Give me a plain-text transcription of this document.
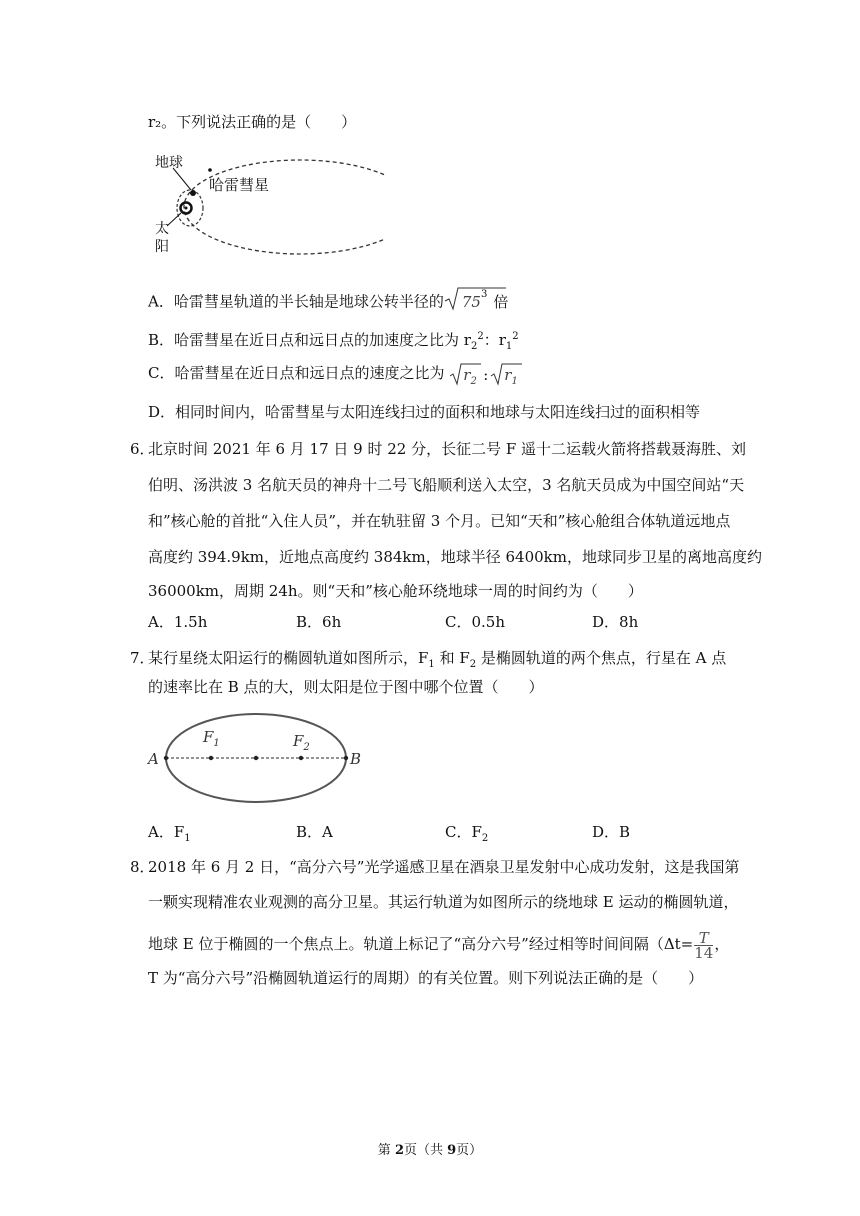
r₂。下列说法正确的是（　　）
地球
哈雷彗星
太
阳
A．哈雷彗星轨道的半长轴是地球公转半径的 $75^3$ 倍
B．哈雷彗星在近日点和远日点的加速度之比为 $r_2^2$：$r_1^2$
C．哈雷彗星在近日点和远日点的速度之比为 $r_2$ : $r_1$
D．相同时间内，哈雷彗星与太阳连线扫过的面积和地球与太阳连线扫过的面积相等
6．北京时间 2021 年 6 月 17 日 9 时 22 分，长征二号 F 遥十二运载火箭将搭载聂海胜、刘
伯明、汤洪波 3 名航天员的神舟十二号飞船顺利送入太空，3 名航天员成为中国空间站“天
和”核心舱的首批“入住人员”，并在轨驻留 3 个月。已知“天和”核心舱组合体轨道远地点
高度约 394.9km，近地点高度约 384km，地球半径 6400km，地球同步卫星的离地高度约
36000km，周期 24h。则“天和”核心舱环绕地球一周的时间约为（　　）
A．1.5h	B．6h	C．0.5h	D．8h
7．某行星绕太阳运行的椭圆轨道如图所示，$F_1$ 和 $F_2$ 是椭圆轨道的两个焦点，行星在 A 点
的速率比在 B 点的大，则太阳是位于图中哪个位置（　　）
A	B
$F_1$	$F_2$
A．$F_1$	B．A	C．$F_2$	D．B
8．2018 年 6 月 2 日，“高分六号”光学遥感卫星在酒泉卫星发射中心成功发射，这是我国第
一颗实现精准农业观测的高分卫星。其运行轨道为如图所示的绕地球 E 运动的椭圆轨道，
地球 E 位于椭圆的一个焦点上。轨道上标记了“高分六号”经过相等时间间隔（$\Delta t= \frac{T}{14}$ ，
T 为“高分六号”沿椭圆轨道运行的周期）的有关位置。则下列说法正确的是（　　）
第 2页（共 9页）
